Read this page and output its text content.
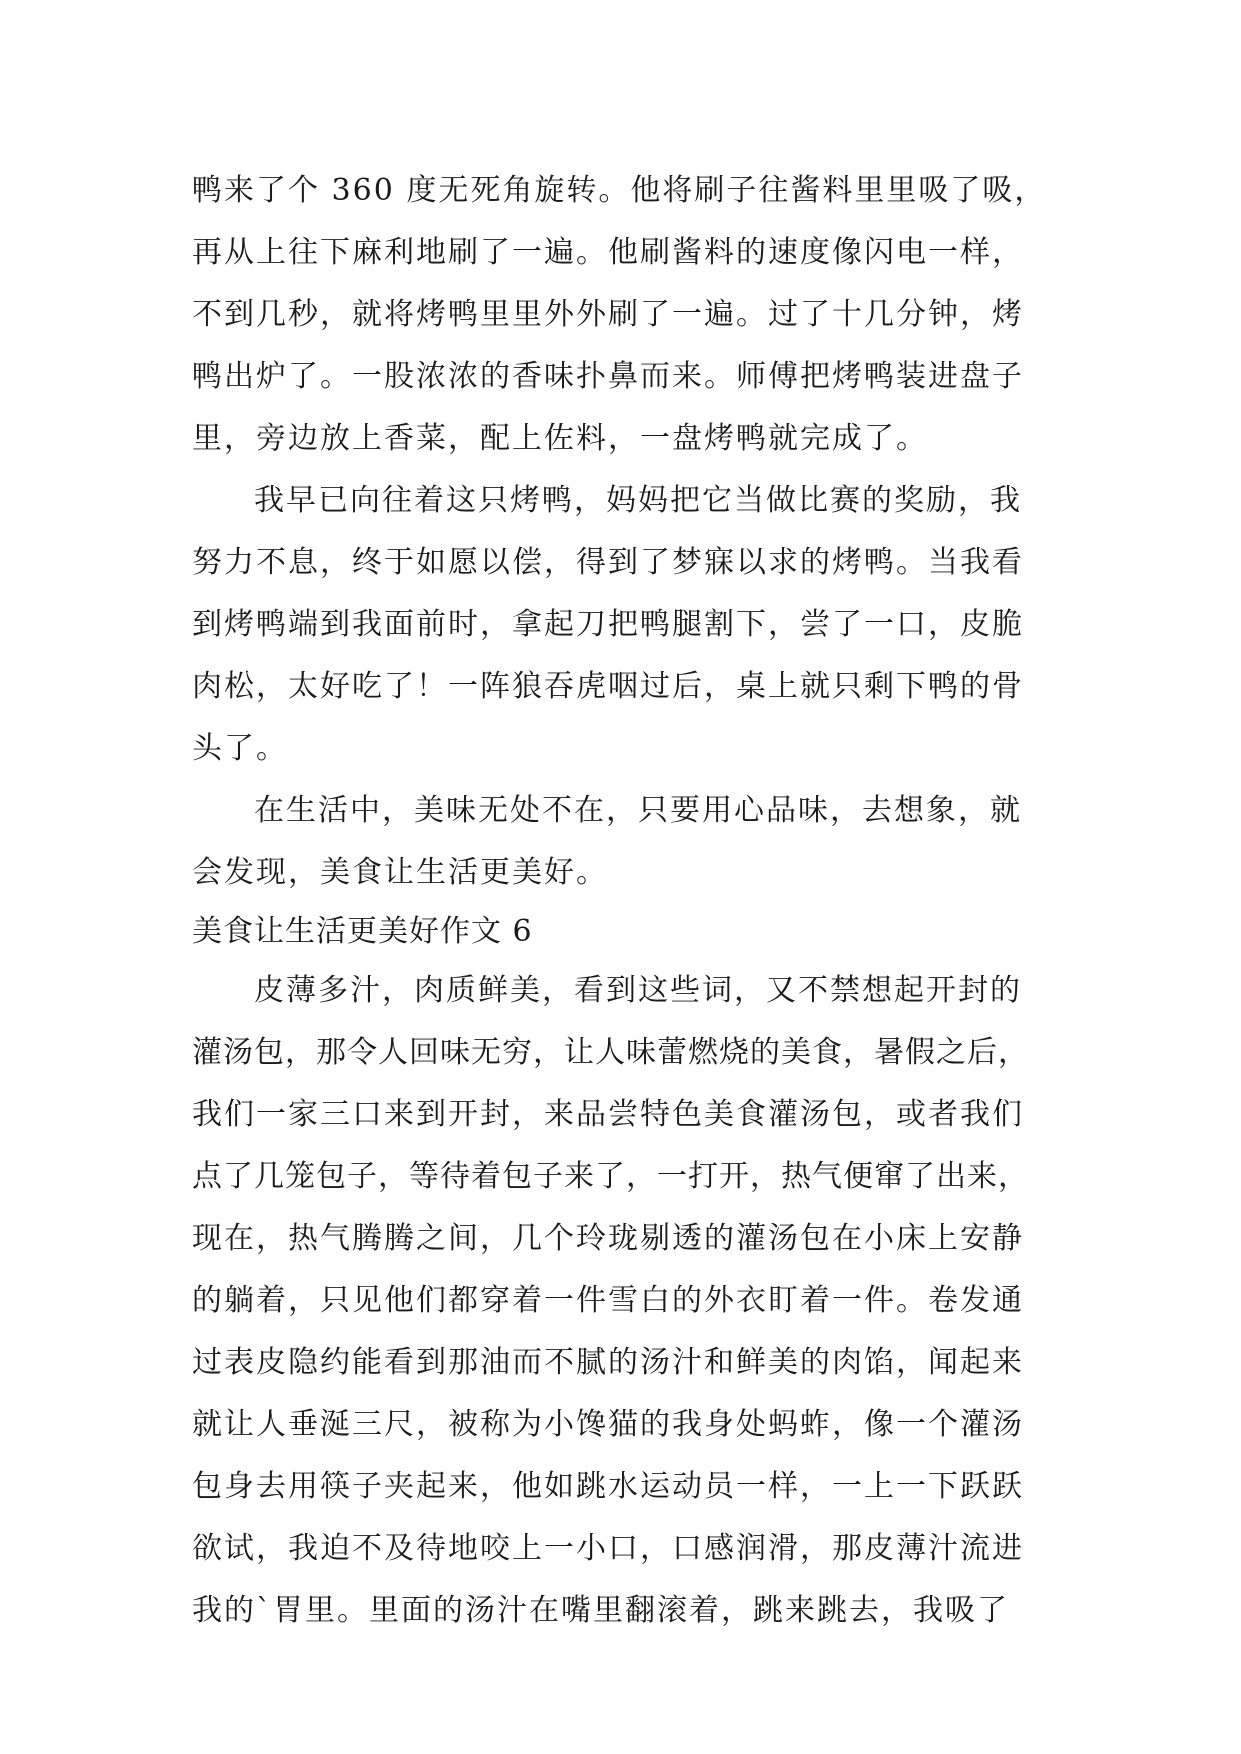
鸭来了个 360 度无死角旋转。他将刷子往酱料里里吸了吸，
再从上往下麻利地刷了一遍。他刷酱料的速度像闪电一样，
不到几秒，就将烤鸭里里外外刷了一遍。过了十几分钟，烤
鸭出炉了。一股浓浓的香味扑鼻而来。师傅把烤鸭装进盘子
里，旁边放上香菜，配上佐料，一盘烤鸭就完成了。
我早已向往着这只烤鸭，妈妈把它当做比赛的奖励，我
努力不息，终于如愿以偿，得到了梦寐以求的烤鸭。当我看
到烤鸭端到我面前时，拿起刀把鸭腿割下，尝了一口，皮脆
肉松，太好吃了！一阵狼吞虎咽过后，桌上就只剩下鸭的骨
头了。
在生活中，美味无处不在，只要用心品味，去想象，就
会发现，美食让生活更美好。
美食让生活更美好作文 6
皮薄多汁，肉质鲜美，看到这些词，又不禁想起开封的
灌汤包，那令人回味无穷，让人味蕾燃烧的美食，暑假之后，
我们一家三口来到开封，来品尝特色美食灌汤包，或者我们
点了几笼包子，等待着包子来了，一打开，热气便窜了出来，
现在，热气腾腾之间，几个玲珑剔透的灌汤包在小床上安静
的躺着，只见他们都穿着一件雪白的外衣盯着一件。卷发通
过表皮隐约能看到那油而不腻的汤汁和鲜美的肉馅，闻起来
就让人垂涎三尺，被称为小馋猫的我身处蚂蚱，像一个灌汤
包身去用筷子夹起来，他如跳水运动员一样，一上一下跃跃
欲试，我迫不及待地咬上一小口，口感润滑，那皮薄汁流进
我的`胃里。里面的汤汁在嘴里翻滚着，跳来跳去，我吸了
